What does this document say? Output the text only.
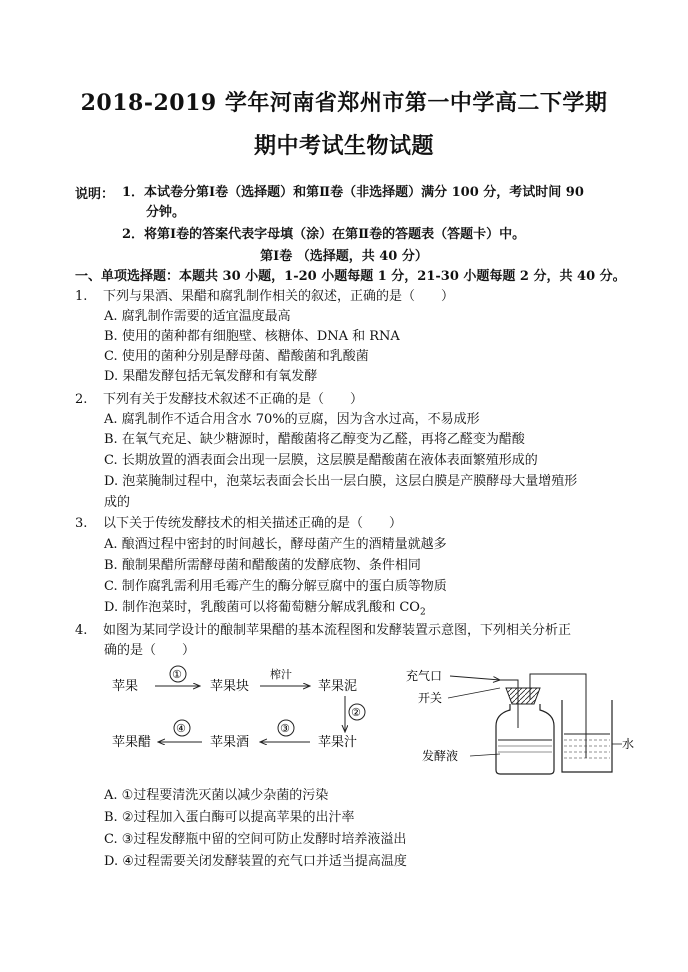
2018-2019 学年河南省郑州市第一中学高二下学期
期中考试生物试题
说明： 1．本试卷分第Ⅰ卷（选择题）和第Ⅱ卷（非选择题）满分 100 分，考试时间 90
分钟。
2．将第Ⅰ卷的答案代表字母填（涂）在第Ⅱ卷的答题表（答题卡）中。
第Ⅰ卷 （选择题，共 40 分）
一、单项选择题：本题共 30 小题，1-20 小题每题 1 分，21-30 小题每题 2 分，共 40 分。
1. 下列与果酒、果醋和腐乳制作相关的叙述，正确的是（　　）
A. 腐乳制作需要的适宜温度最高
B. 使用的菌种都有细胞壁、核糖体、DNA 和 RNA
C. 使用的菌种分别是酵母菌、醋酸菌和乳酸菌
D. 果醋发酵包括无氧发酵和有氧发酵
2. 下列有关于发酵技术叙述不正确的是（　　）
A. 腐乳制作不适合用含水 70%的豆腐，因为含水过高，不易成形
B. 在氧气充足、缺少糖源时，醋酸菌将乙醇变为乙醛，再将乙醛变为醋酸
C. 长期放置的酒表面会出现一层膜，这层膜是醋酸菌在液体表面繁殖形成的
D. 泡菜腌制过程中，泡菜坛表面会长出一层白膜，这层白膜是产膜酵母大量增殖形
成的
3. 以下关于传统发酵技术的相关描述正确的是（　　）
A. 酿酒过程中密封的时间越长，酵母菌产生的酒精量就越多
B. 酿制果醋所需酵母菌和醋酸菌的发酵底物、条件相同
C. 制作腐乳需利用毛霉产生的酶分解豆腐中的蛋白质等物质
D. 制作泡菜时，乳酸菌可以将葡萄糖分解成乳酸和 $CO_2$
4. 如图为某同学设计的酿制苹果醋的基本流程图和发酵装置示意图，下列相关分析正
确的是（　　）
苹果
①
苹果块
榨汁
苹果泥
②
苹果汁
③
苹果酒
④
苹果醋
充气口
开关
发酵液
水
A. ①过程要清洗灭菌以减少杂菌的污染
B. ②过程加入蛋白酶可以提高苹果的出汁率
C. ③过程发酵瓶中留的空间可防止发酵时培养液溢出
D. ④过程需要关闭发酵装置的充气口并适当提高温度
